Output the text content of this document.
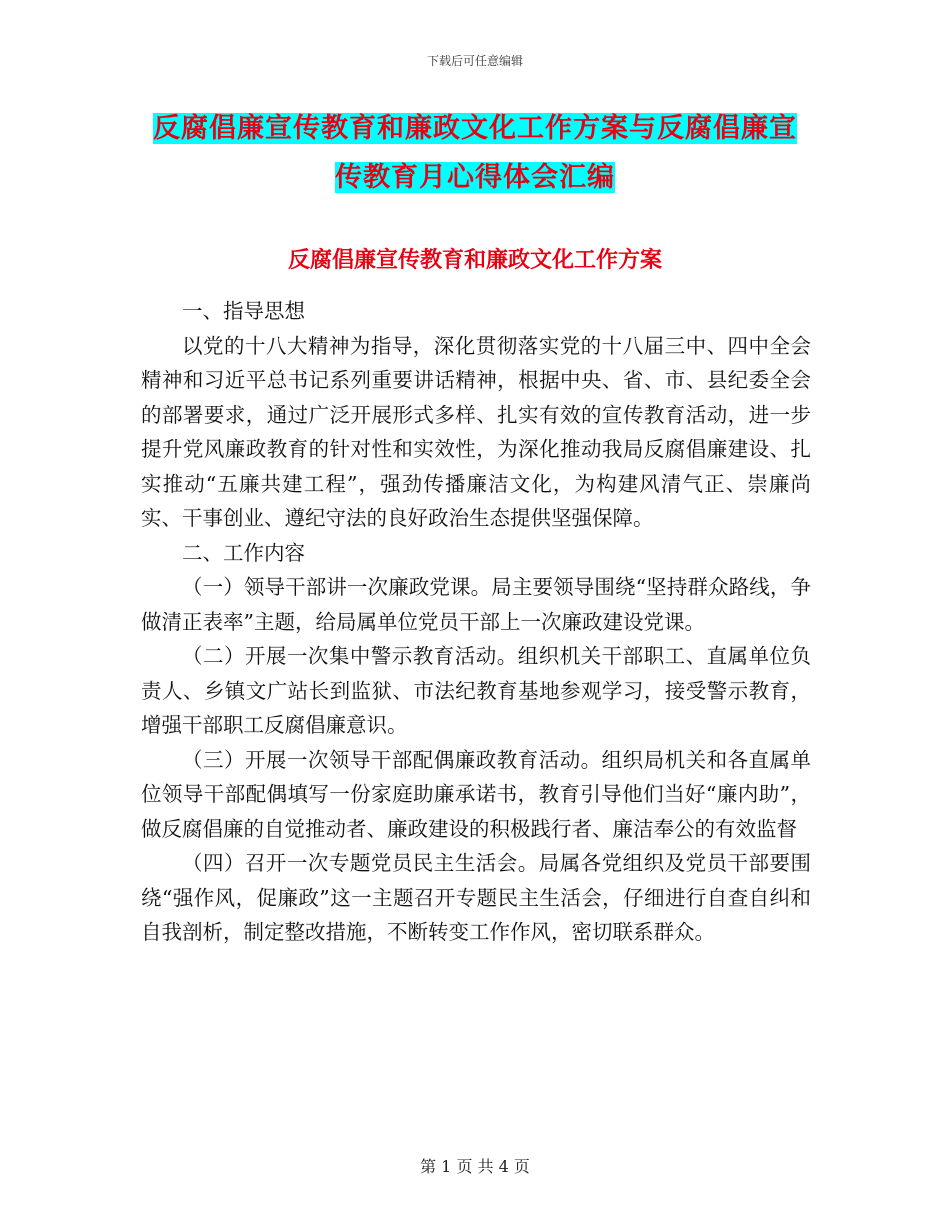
下载后可任意编辑
反腐倡廉宣传教育和廉政文化工作方案与反腐倡廉宣传教育月心得体会汇编
反腐倡廉宣传教育和廉政文化工作方案

一、指导思想

以党的十八大精神为指导，深化贯彻落实党的十八届三中、四中全会精神和习近平总书记系列重要讲话精神，根据中央、省、市、县纪委全会的部署要求，通过广泛开展形式多样、扎实有效的宣传教育活动，进一步提升党风廉政教育的针对性和实效性，为深化推动我局反腐倡廉建设、扎实推动“五廉共建工程”，强劲传播廉洁文化，为构建风清气正、崇廉尚实、干事创业、遵纪守法的良好政治生态提供坚强保障。

二、工作内容

（一）领导干部讲一次廉政党课。局主要领导围绕“坚持群众路线，争做清正表率”主题，给局属单位党员干部上一次廉政建设党课。

（二）开展一次集中警示教育活动。组织机关干部职工、直属单位负责人、乡镇文广站长到监狱、市法纪教育基地参观学习，接受警示教育，增强干部职工反腐倡廉意识。

（三）开展一次领导干部配偶廉政教育活动。组织局机关和各直属单位领导干部配偶填写一份家庭助廉承诺书，教育引导他们当好“廉内助”，做反腐倡廉的自觉推动者、廉政建设的积极践行者、廉洁奉公的有效监督

（四）召开一次专题党员民主生活会。局属各党组织及党员干部要围绕“强作风，促廉政”这一主题召开专题民主生活会，仔细进行自查自纠和自我剖析，制定整改措施，不断转变工作作风，密切联系群众。

第 1 页 共 4 页
